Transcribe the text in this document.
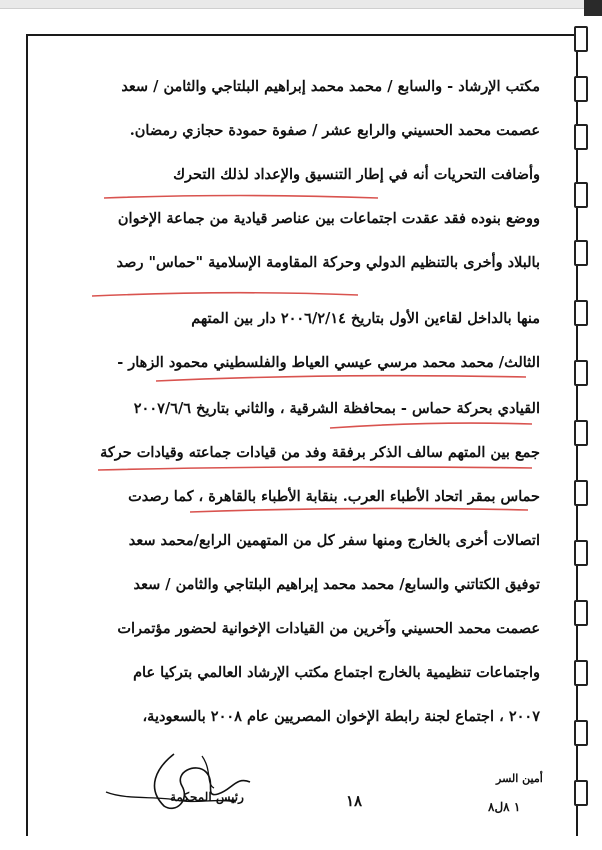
مكتب الإرشاد - والسابع / محمد محمد إبراهيم البلتاجي والثامن / سعد
عصمت محمد الحسيني والرابع عشر / صفوة حمودة حجازي رمضان.
وأضافت التحريات أنه في إطار التنسيق والإعداد لذلك التحرك
ووضع بنوده فقد عقدت اجتماعات بين عناصر قيادية من جماعة الإخوان
بالبلاد وأخرى بالتنظيم الدولي وحركة المقاومة الإسلامية "حماس" رصد
منها بالداخل لقاءين الأول بتاريخ ٢٠٠٦/٢/١٤ دار بين المتهم
الثالث/ محمد محمد مرسي عيسي العياط والفلسطيني محمود الزهار -
القيادي بحركة حماس - بمحافظة الشرقية ، والثاني بتاريخ ٢٠٠٧/٦/٦
جمع بين المتهم سالف الذكر برفقة وفد من قيادات جماعته وقيادات حركة
حماس بمقر اتحاد الأطباء العرب. بنقابة الأطباء بالقاهرة ، كما رصدت
اتصالات أخرى بالخارج ومنها سفر كل من المتهمين الرابع/محمد سعد
توفيق الكتاتني والسابع/ محمد محمد إبراهيم البلتاجي والثامن / سعد
عصمت محمد الحسيني وآخرين من القيادات الإخوانية لحضور مؤتمرات
واجتماعات تنظيمية بالخارج اجتماع مكتب الإرشاد العالمي بتركيا عام
٢٠٠٧ ، اجتماع لجنة رابطة الإخوان المصريين عام ٢٠٠٨ بالسعودية،
رئيس المحكمة	١٨
أمين السر
١ ٨ل٨
